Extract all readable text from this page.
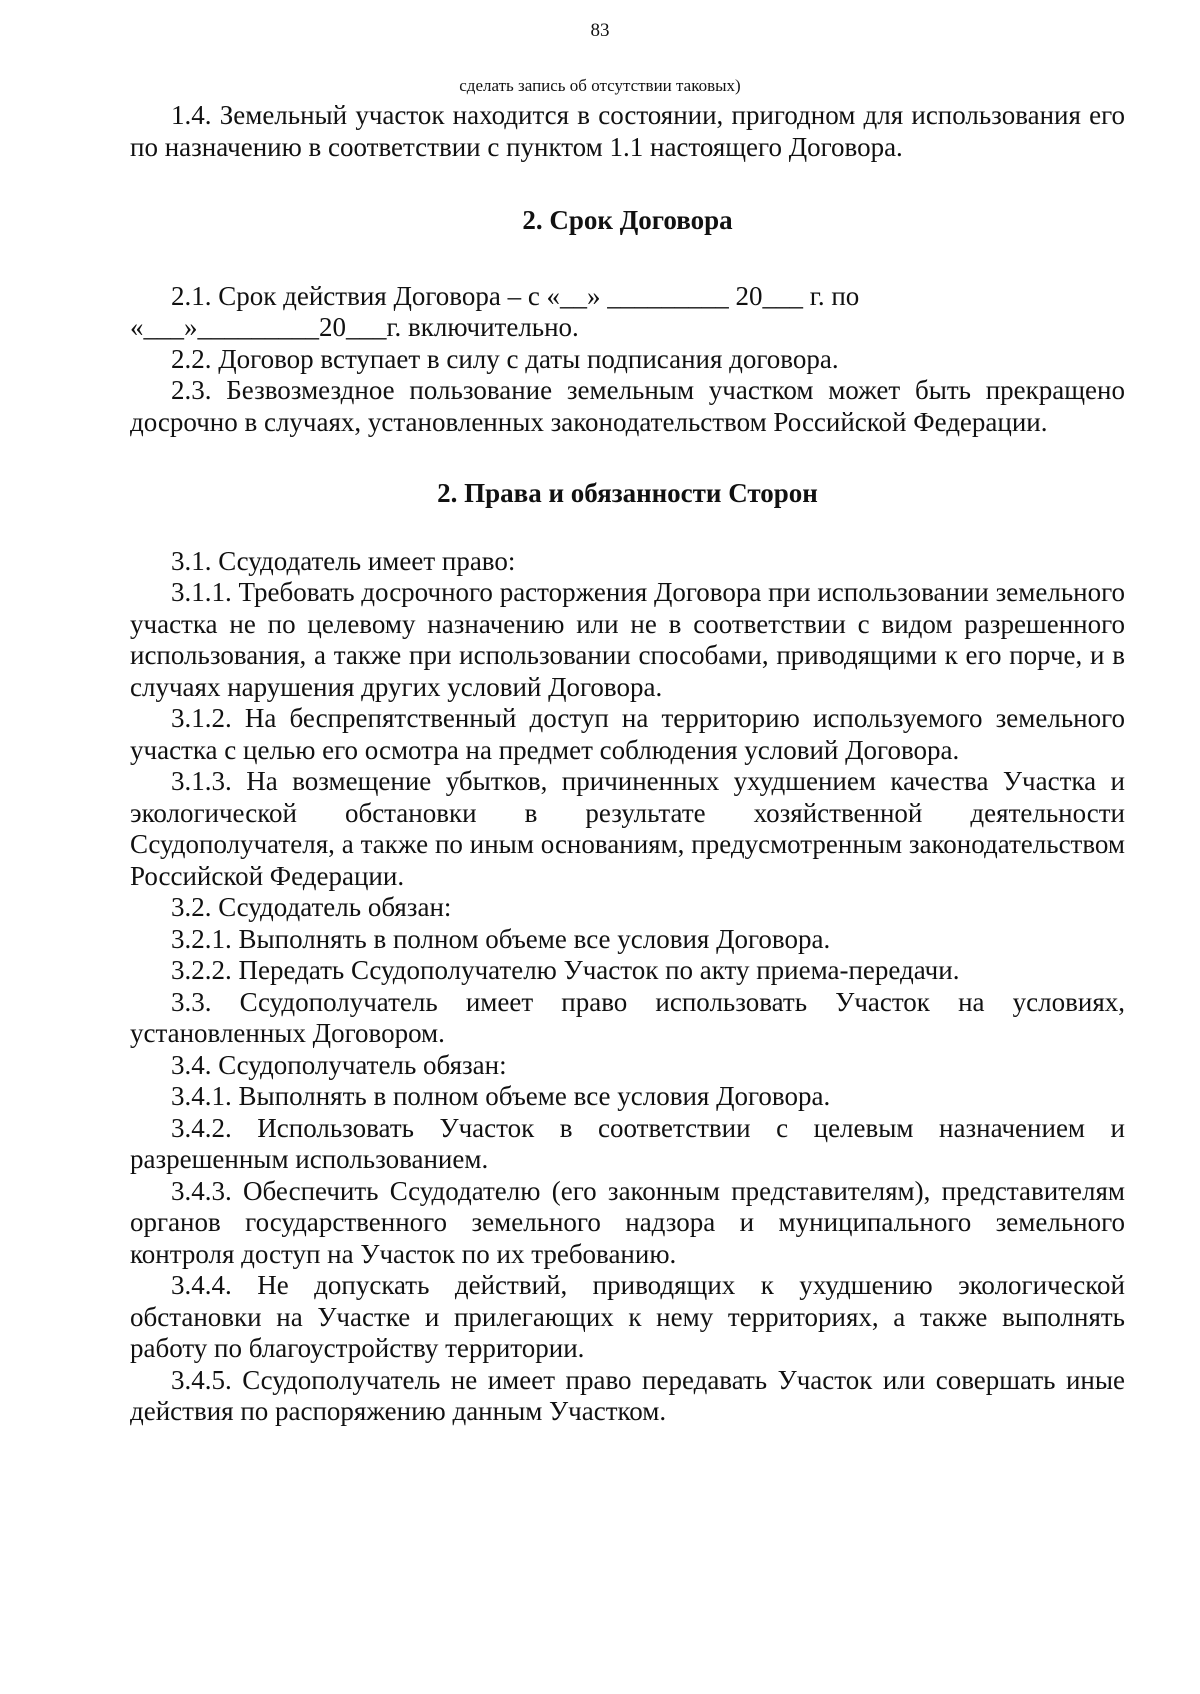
83
сделать запись об отсутствии таковых)

1.4. Земельный участок находится в состоянии, пригодном для использования его по назначению в соответствии с пунктом 1.1 настоящего Договора.

2. Срок Договора

2.1. Срок действия Договора – с «__» _________ 20___ г. по

«___»_________20___г. включительно.

2.2. Договор вступает в силу с даты подписания договора.

2.3. Безвозмездное пользование земельным участком может быть прекращено досрочно в случаях, установленных законодательством Российской Федерации.

2. Права и обязанности Сторон

3.1. Ссудодатель имеет право:

3.1.1. Требовать досрочного расторжения Договора при использовании земельного участка не по целевому назначению или не в соответствии с видом разрешенного использования, а также при использовании способами, приводящими к его порче, и в случаях нарушения других условий Договора.

3.1.2. На беспрепятственный доступ на территорию используемого земельного участка с целью его осмотра на предмет соблюдения условий Договора.

3.1.3. На возмещение убытков, причиненных ухудшением качества Участка и экологической обстановки в результате хозяйственной деятельности Ссудополучателя, а также по иным основаниям, предусмотренным законодательством Российской Федерации.

3.2. Ссудодатель обязан:

3.2.1. Выполнять в полном объеме все условия Договора.

3.2.2. Передать Ссудополучателю Участок по акту приема-передачи.

3.3. Ссудополучатель имеет право использовать Участок на условиях, установленных Договором.

3.4. Ссудополучатель обязан:

3.4.1. Выполнять в полном объеме все условия Договора.

3.4.2. Использовать Участок в соответствии с целевым назначением и разрешенным использованием.

3.4.3. Обеспечить Ссудодателю (его законным представителям), представителям органов государственного земельного надзора и муниципального земельного контроля доступ на Участок по их требованию.

3.4.4. Не допускать действий, приводящих к ухудшению экологической обстановки на Участке и прилегающих к нему территориях, а также выполнять работу по благоустройству территории.

3.4.5. Ссудополучатель не имеет право передавать Участок или совершать иные действия по распоряжению данным Участком.
